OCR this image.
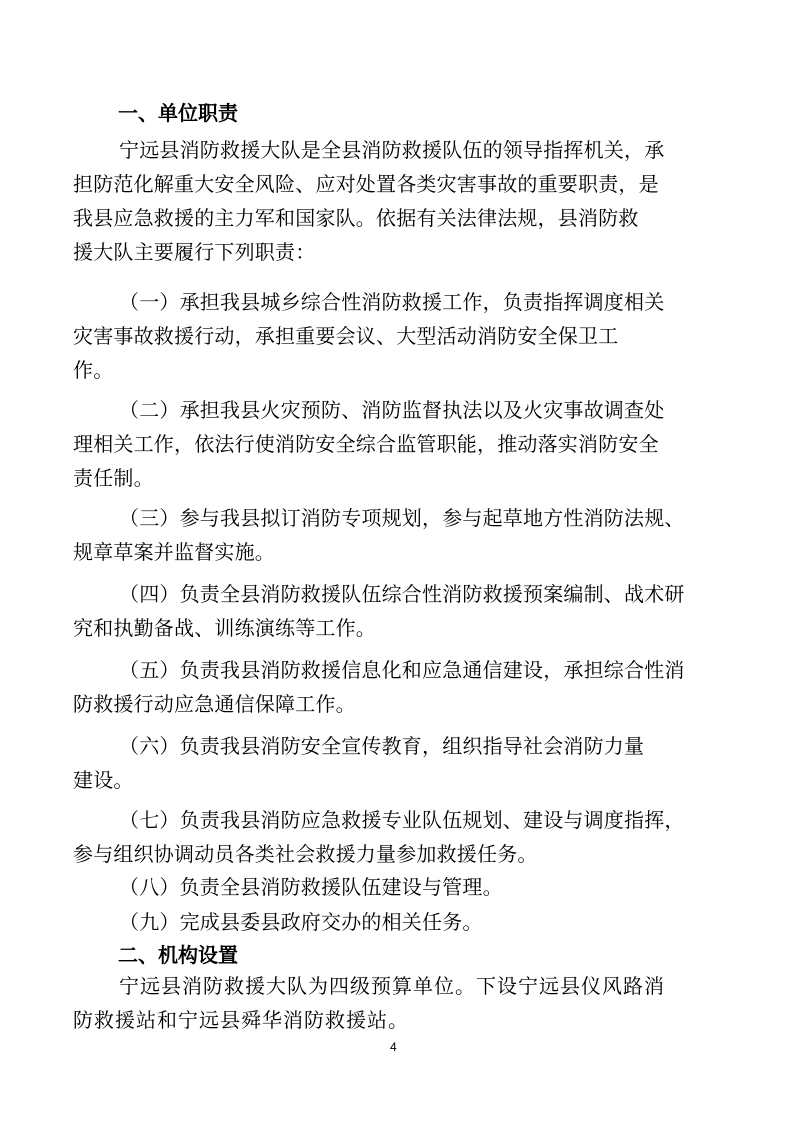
一、单位职责
宁远县消防救援大队是全县消防救援队伍的领导指挥机关，承
担防范化解重大安全风险、应对处置各类灾害事故的重要职责，是
我县应急救援的主力军和国家队。依据有关法律法规，县消防救
援大队主要履行下列职责：
（一）承担我县城乡综合性消防救援工作，负责指挥调度相关
灾害事故救援行动，承担重要会议、大型活动消防安全保卫工
作。
（二）承担我县火灾预防、消防监督执法以及火灾事故调查处
理相关工作，依法行使消防安全综合监管职能，推动落实消防安全
责任制。
（三）参与我县拟订消防专项规划，参与起草地方性消防法规、
规章草案并监督实施。
（四）负责全县消防救援队伍综合性消防救援预案编制、战术研
究和执勤备战、训练演练等工作。
（五）负责我县消防救援信息化和应急通信建设，承担综合性消
防救援行动应急通信保障工作。
（六）负责我县消防安全宣传教育，组织指导社会消防力量
建设。
（七）负责我县消防应急救援专业队伍规划、建设与调度指挥，
参与组织协调动员各类社会救援力量参加救援任务。
（八）负责全县消防救援队伍建设与管理。
（九）完成县委县政府交办的相关任务。
二、机构设置
宁远县消防救援大队为四级预算单位。下设宁远县仪风路消
防救援站和宁远县舜华消防救援站。
4
